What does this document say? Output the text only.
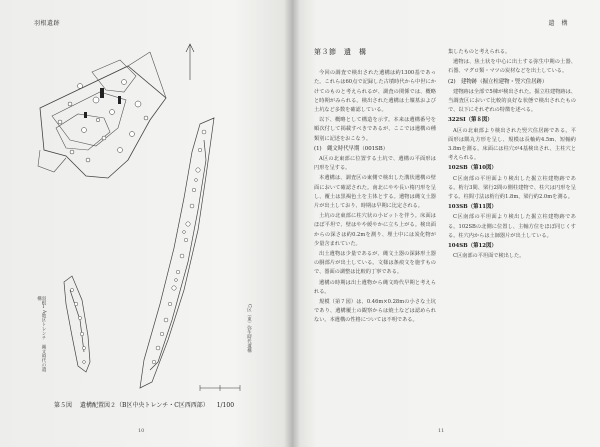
羽根遺跡
羽根ⅠA地区トレンチ　縄文時代の遺構
C区（東）弥生時代遺構
第５図 遺構配置図２（B区中央トレンチ・C区西西部） 1/100
10
遺　構
第３節　遺　構

今回の調査で検出された遺構は約1300基であった。これらは60点で記録した古墳時代から中世にかけてのものと考えられるが、調査の関係では、概略と時期がみられる。検出された遺構は土壙墓および土坑など多数を確認している。

以下、概略として構造を示す。本来は遺構番号を順次付して掲載すべきであるが、ここでは遺構の種類別に記述をおこなう。

(1)　縄文時代早期（001SB）

A区の北東部に位置する土坑で、遺構の平面形は円形を呈する。

本遺構は、調査区の東側で検出した溝状遺構の壁面において確認された。南北にやや長い楕円形を呈し、覆土は黒褐色土を主体とする。遺物は縄文土器片が出土しており、時期は早期に比定される。

土坑の北東部に柱穴状の小ピットを伴う。床面はほぼ平坦で、壁はやや緩やかに立ち上がる。検出面からの深さは約0.2mを測り、埋土中には炭化物が少量含まれていた。

出土遺物は少量であるが、縄文土器の深鉢形土器の胴部片が出土している。文様は条痕文を施すもので、器面の調整は比較的丁寧である。

遺構の時期は出土遺物から縄文時代早期と考えられる。

規模（第７図）は、0.46m×0.28mの小さな土坑であり、遺構覆土の観察からは焼土などは認められない。本遺構の性格については不明である。

集したものと考えられる。

遺物は、焦土状を中心に出土する弥生中期の土器、石器、マグロ類・マツの炭材などを出土している。

(2)　建物跡（掘立柱建物・竪穴住居跡）

建物跡は全部で5棟が検出された。掘立柱建物跡は、当調査区において比較的良好な状態で検出されたもので、以下にそれぞれの特徴を述べる。

322SI（第８図）

A区の北東部より検出された竪穴住居跡である。平面形は隅丸方形を呈し、規模は長軸約4.5m、短軸約3.8mを測る。床面には柱穴が4基検出され、主柱穴と考えられる。

102SB（第10図）

C区南部の平坦面より検出した掘立柱建物跡である。桁行3間、梁行2間の側柱建物で、柱穴は円形を呈する。柱間寸法は桁行約1.8m、梁行約2.0mを測る。

103SB（第11図）

C区南部の平坦面より検出した掘立柱建物跡である。102SBの北側に位置し、主軸方位をほぼ同じくする。柱穴内からは土師器片が出土している。

104SB（第12図）

C区南部の平坦面で検出した。

11
